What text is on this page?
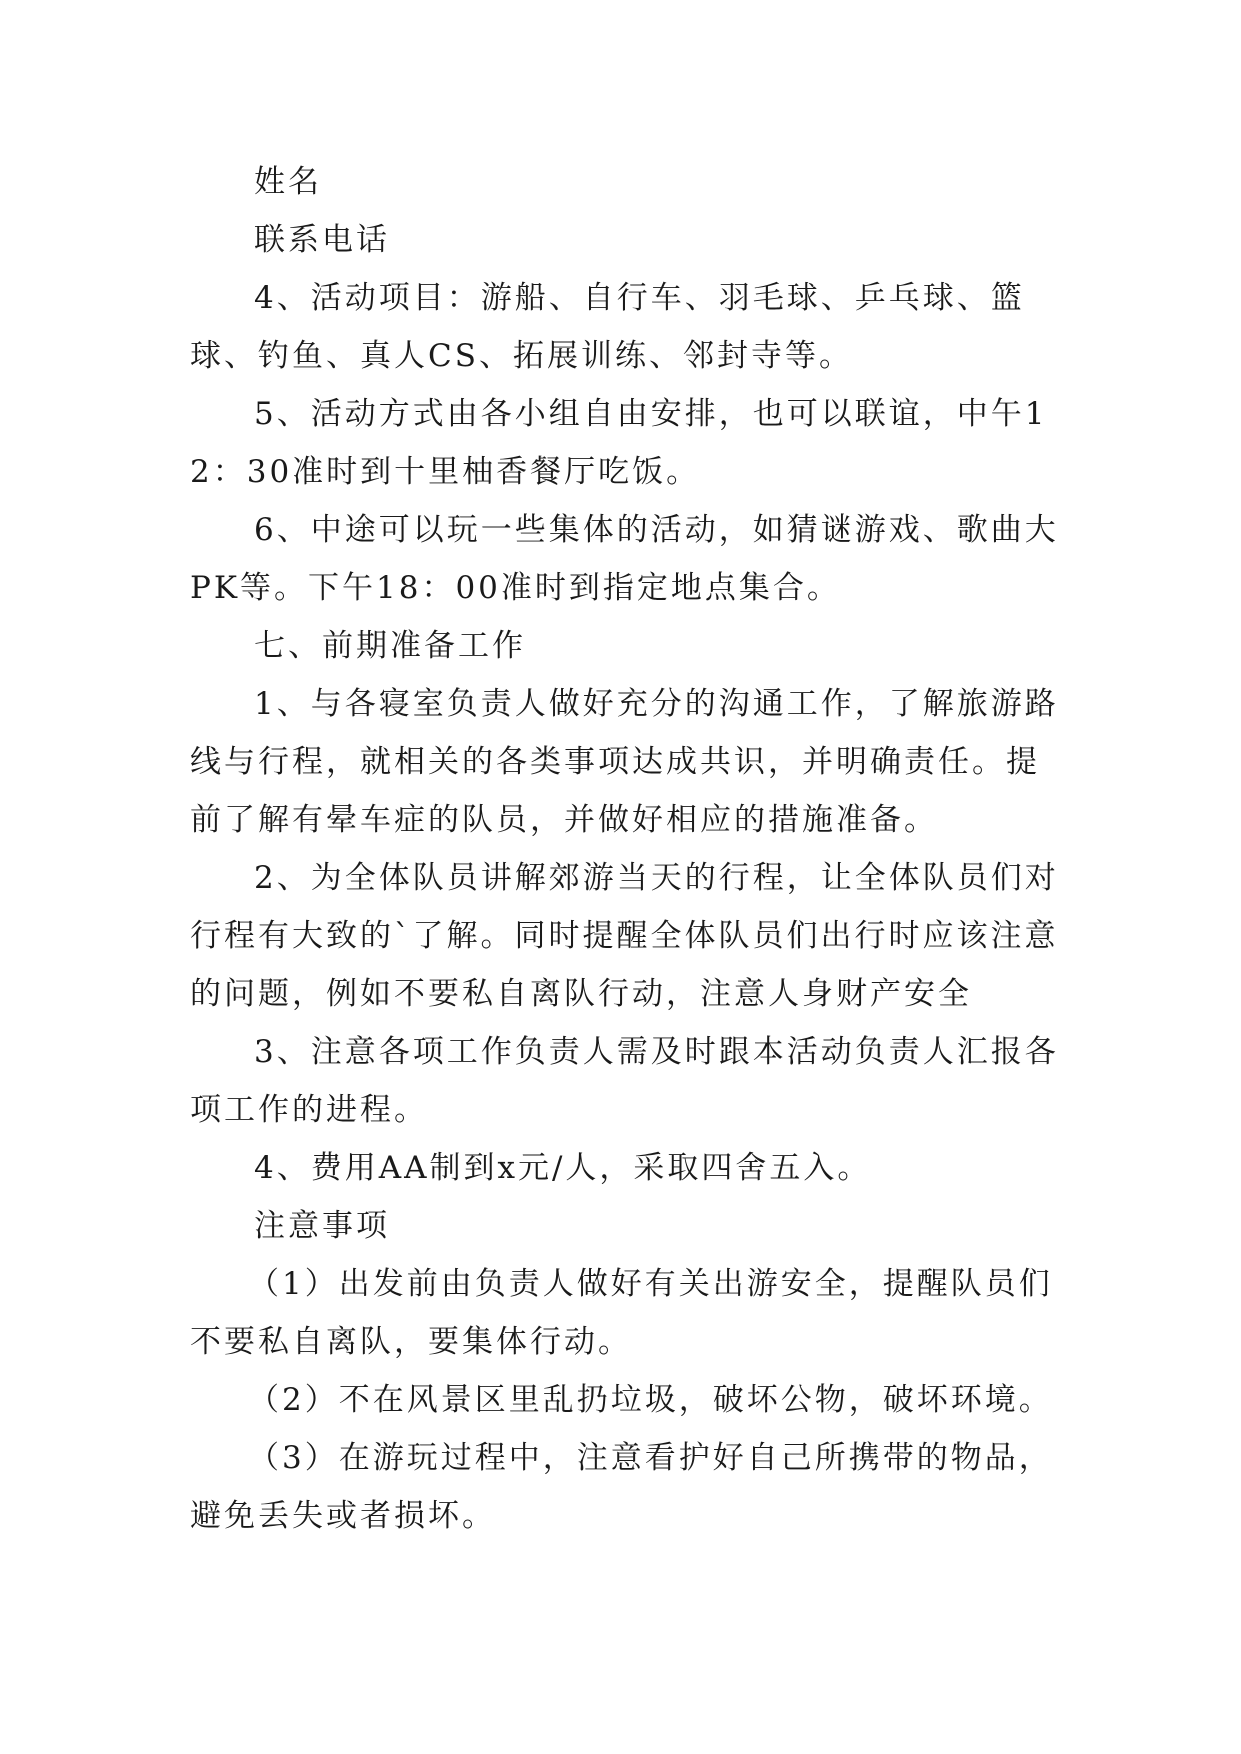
姓名

联系电话

4、活动项目：游船、自行车、羽毛球、乒乓球、篮球、钓鱼、真人CS、拓展训练、邻封寺等。

5、活动方式由各小组自由安排，也可以联谊，中午12：30准时到十里柚香餐厅吃饭。

6、中途可以玩一些集体的活动，如猜谜游戏、歌曲大PK等。下午18：00准时到指定地点集合。

七、前期准备工作

1、与各寝室负责人做好充分的沟通工作，了解旅游路线与行程，就相关的各类事项达成共识，并明确责任。提前了解有晕车症的队员，并做好相应的措施准备。

2、为全体队员讲解郊游当天的行程，让全体队员们对行程有大致的`了解。同时提醒全体队员们出行时应该注意的问题，例如不要私自离队行动，注意人身财产安全

3、注意各项工作负责人需及时跟本活动负责人汇报各项工作的进程。

4、费用AA制到x元/人，采取四舍五入。

注意事项

（1）出发前由负责人做好有关出游安全，提醒队员们不要私自离队，要集体行动。

（2）不在风景区里乱扔垃圾，破坏公物，破坏环境。

（3）在游玩过程中，注意看护好自己所携带的物品，避免丢失或者损坏。
